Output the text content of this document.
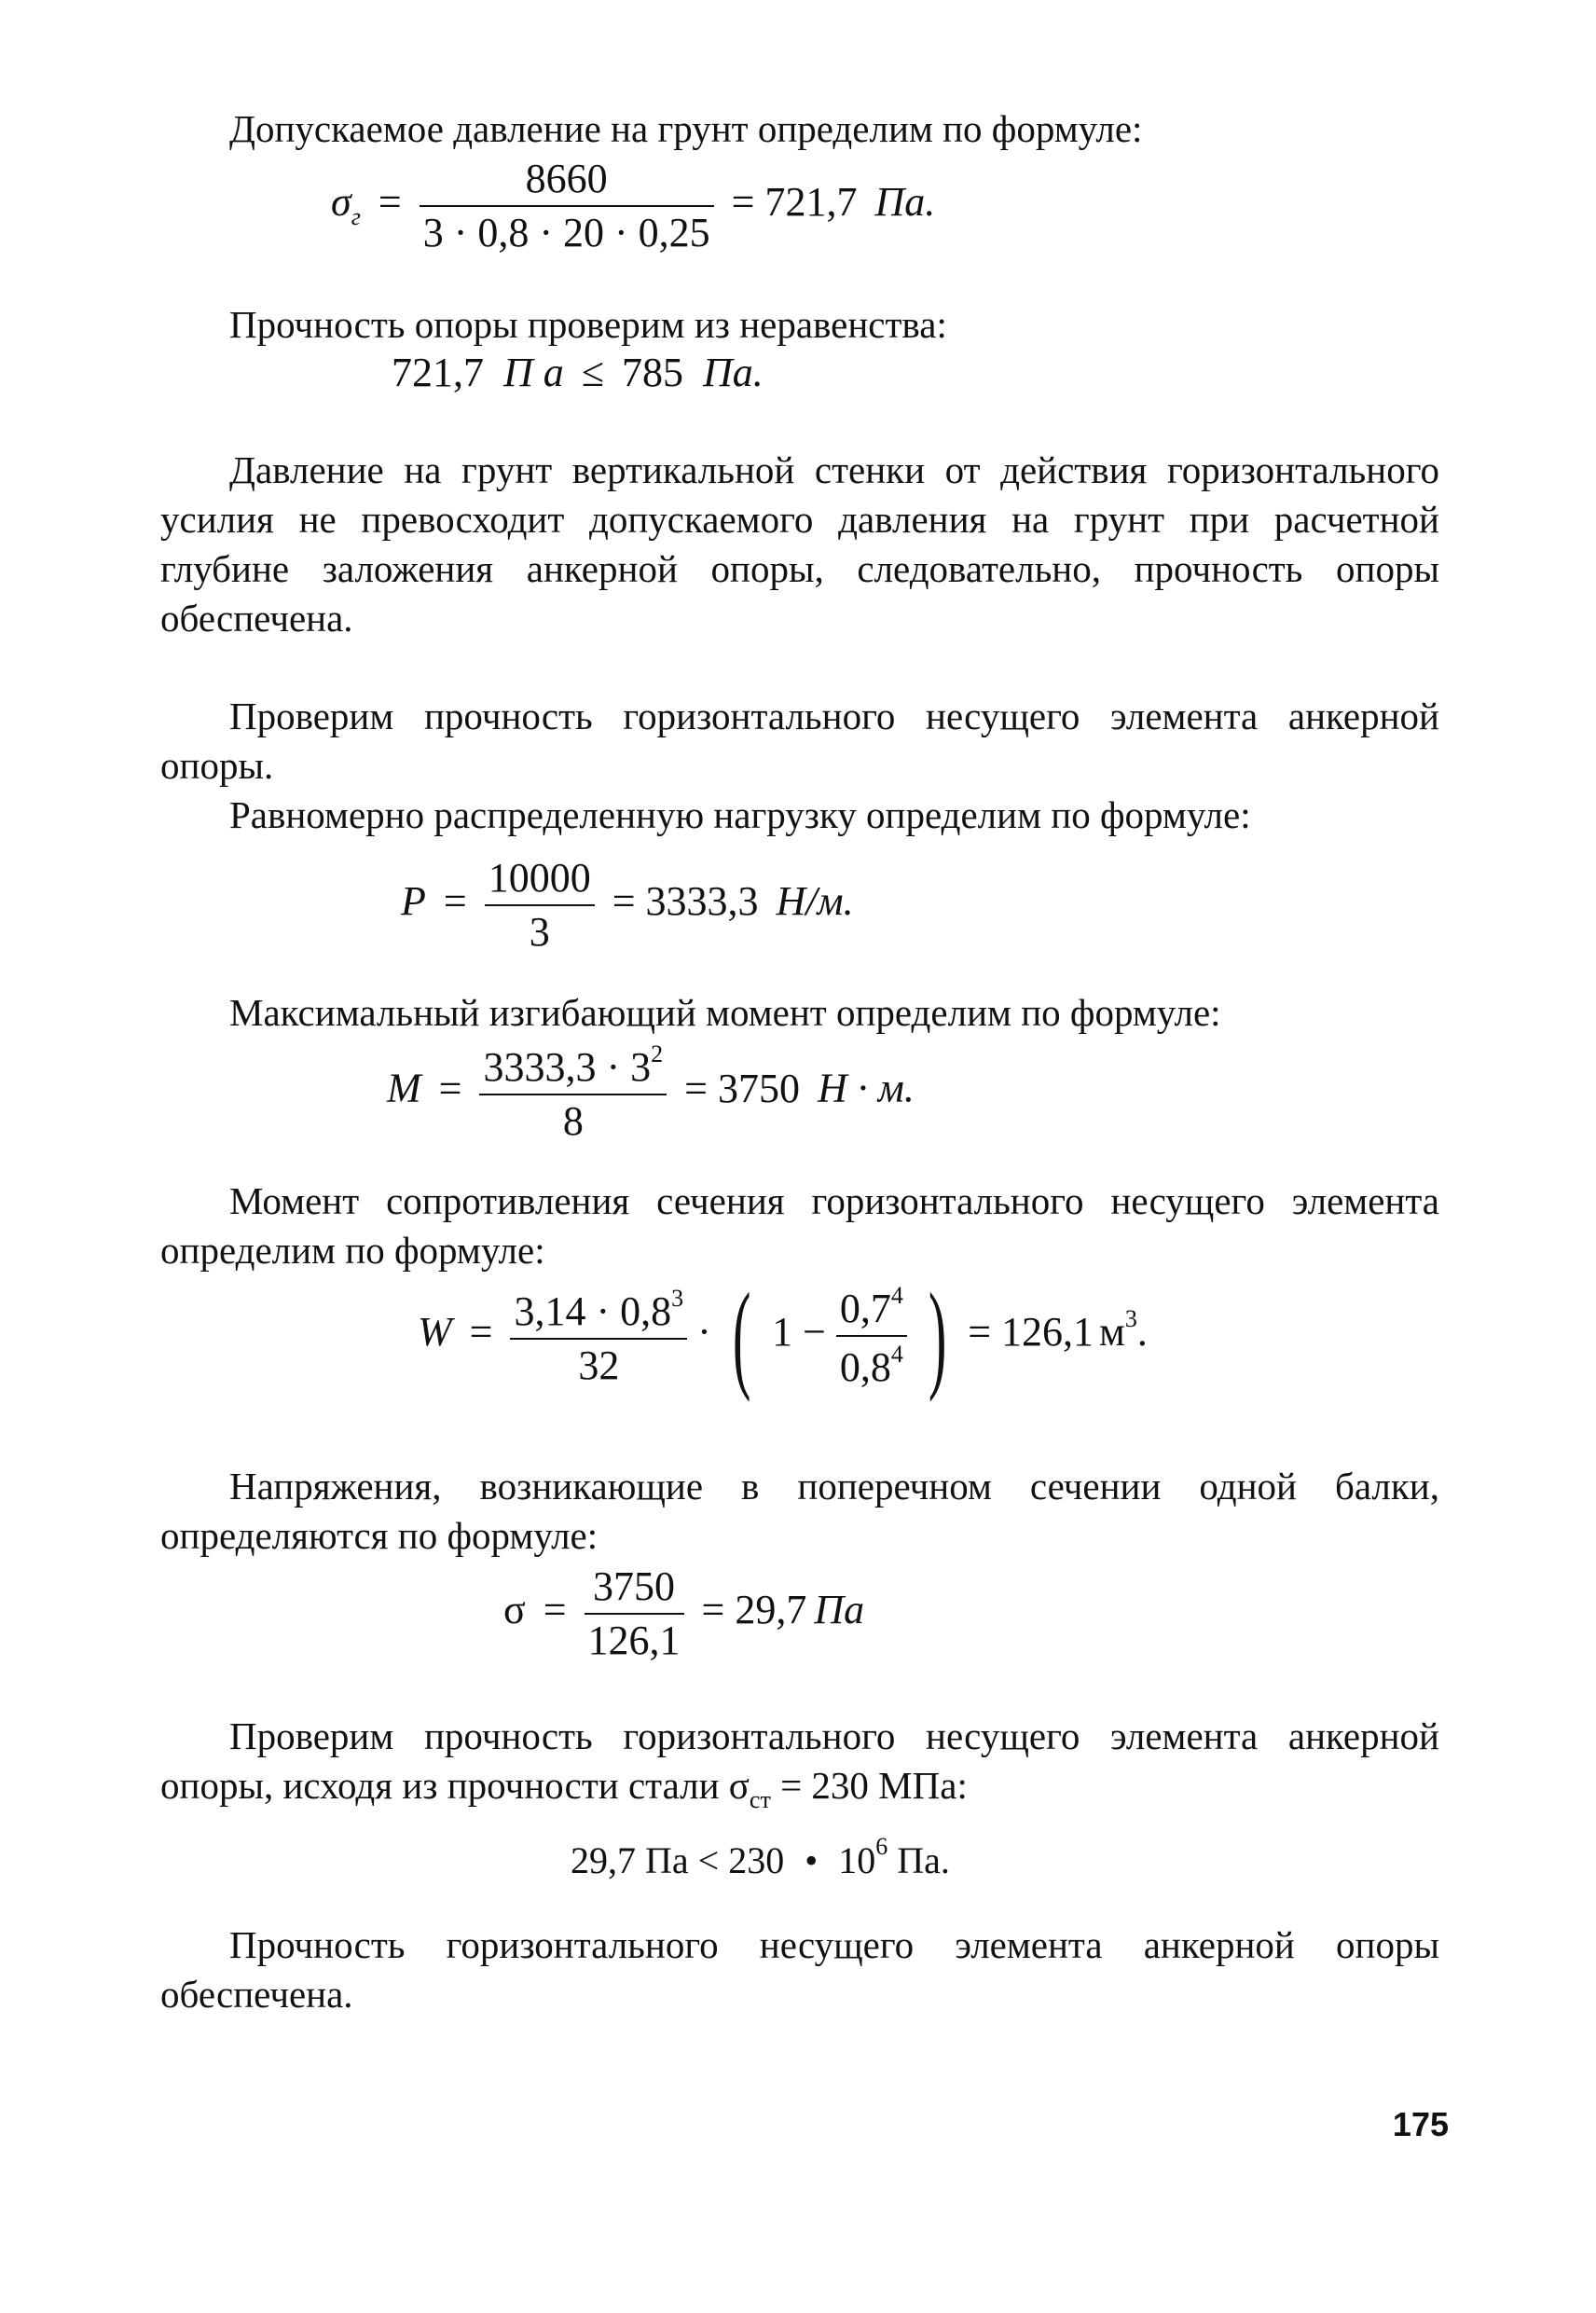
Допускаемое давление на грунт определим по формуле:

$\sigma_г = \frac{8660}{3 \cdot 0,8 \cdot 20 \cdot 0,25} = 721,7$ Па.

Прочность опоры проверим из неравенства:

721,7 П а ≤ 785 Па.

Давление на грунт вертикальной стенки от действия горизонтального усилия не превосходит допускаемого давления на грунт при расчетной глубине заложения анкерной опоры, следовательно, прочность опоры обеспечена.

Проверим прочность горизонтального несущего элемента анкерной опоры.

Равномерно распределенную нагрузку определим по формуле:

$P = \frac{10000}{3} = 3333,3$ Н/м.

Максимальный изгибающий момент определим по формуле:

$M = \frac{3333,3 \cdot 3^2}{8} = 3750$ Н · м.

Момент сопротивления сечения горизонтального несущего элемента определим по формуле:

$W = \frac{3,14 \cdot 0,8^3}{32}$ · ( $1 - \frac{0,7^4}{0,8^4}$ ) = 126,1 $м^3$.

Напряжения, возникающие в поперечном сечении одной балки, определяются по формуле:

$\sigma = \frac{3750}{126,1} = 29,7$ Па

Проверим прочность горизонтального несущего элемента анкерной опоры, исходя из прочности стали $\sigma_{ст} = 230$ МПа:

29,7 Па < 230 • $10^6$ Па.

Прочность горизонтального несущего элемента анкерной опоры обеспечена.

175
